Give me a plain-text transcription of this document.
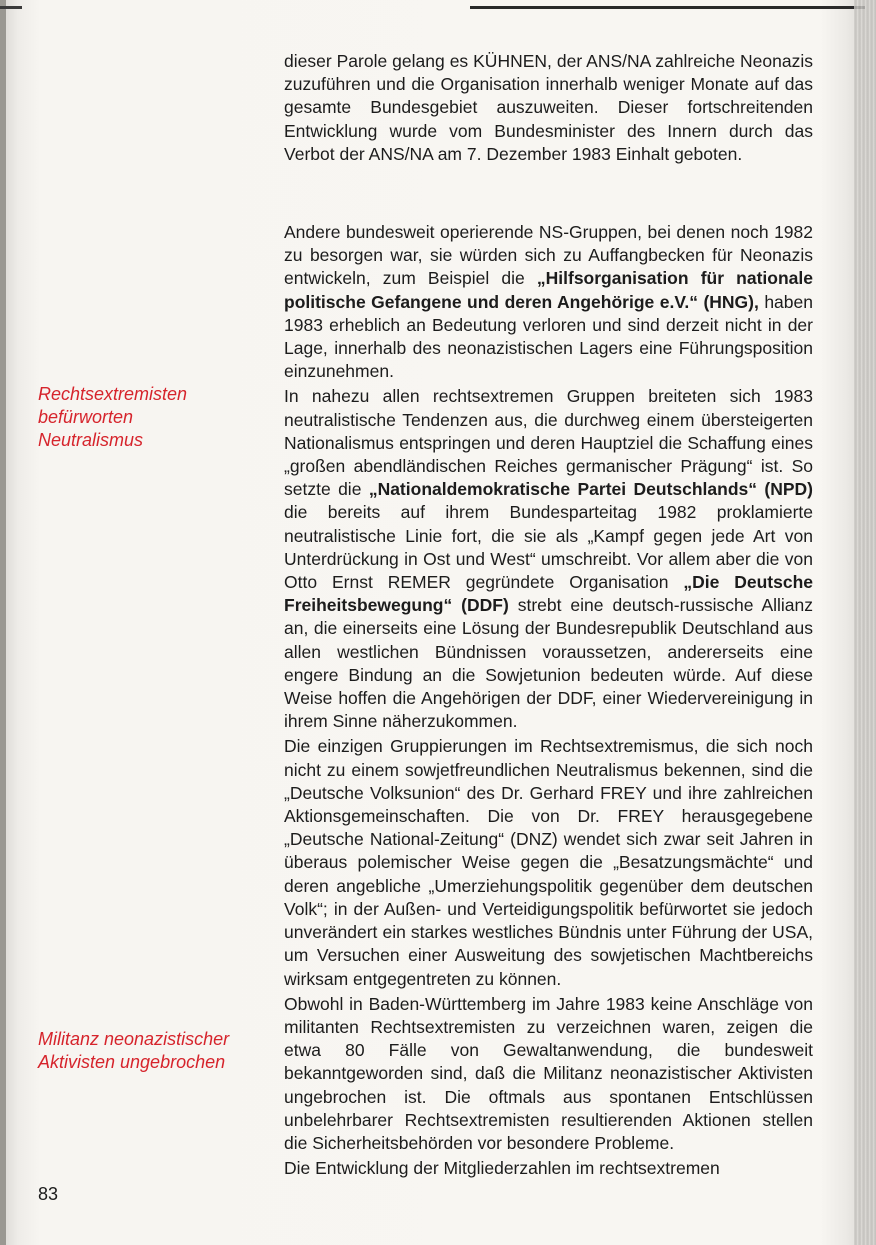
Rechtsextremisten
befürworten
Neutralismus

Militanz neonazistischer
Aktivisten ungebrochen

83

dieser Parole gelang es KÜHNEN, der ANS/NA zahlreiche Neonazis zuzuführen und die Organisation innerhalb weniger Monate auf das gesamte Bundesgebiet auszuweiten. Dieser fortschreitenden Entwicklung wurde vom Bundesminister des Innern durch das Verbot der ANS/NA am 7. Dezember 1983 Einhalt geboten.

Andere bundesweit operierende NS-Gruppen, bei denen noch 1982 zu besorgen war, sie würden sich zu Auffangbecken für Neonazis entwickeln, zum Beispiel die „Hilfsorganisation für nationale politische Gefangene und deren Angehörige e.V.“ (HNG), haben 1983 erheblich an Bedeutung verloren und sind derzeit nicht in der Lage, innerhalb des neonazistischen Lagers eine Führungsposition einzunehmen.

In nahezu allen rechtsextremen Gruppen breiteten sich 1983 neutralistische Tendenzen aus, die durchweg einem übersteigerten Nationalismus entspringen und deren Hauptziel die Schaffung eines „großen abendländischen Reiches germanischer Prägung“ ist. So setzte die „Nationaldemokratische Partei Deutschlands“ (NPD) die bereits auf ihrem Bundesparteitag 1982 proklamierte neutralistische Linie fort, die sie als „Kampf gegen jede Art von Unterdrückung in Ost und West“ umschreibt. Vor allem aber die von Otto Ernst REMER gegründete Organisation „Die Deutsche Freiheitsbewegung“ (DDF) strebt eine deutsch-russische Allianz an, die einerseits eine Lösung der Bundesrepublik Deutschland aus allen westlichen Bündnissen voraussetzen, andererseits eine engere Bindung an die Sowjetunion bedeuten würde. Auf diese Weise hoffen die Angehörigen der DDF, einer Wiedervereinigung in ihrem Sinne näherzukommen.

Die einzigen Gruppierungen im Rechtsextremismus, die sich noch nicht zu einem sowjetfreundlichen Neutralismus bekennen, sind die „Deutsche Volksunion“ des Dr. Gerhard FREY und ihre zahlreichen Aktionsgemeinschaften. Die von Dr. FREY herausgegebene „Deutsche National-Zeitung“ (DNZ) wendet sich zwar seit Jahren in überaus polemischer Weise gegen die „Besatzungsmächte“ und deren angebliche „Umerziehungspolitik gegenüber dem deutschen Volk“; in der Außen- und Verteidigungspolitik befürwortet sie jedoch unverändert ein starkes westliches Bündnis unter Führung der USA, um Versuchen einer Ausweitung des sowjetischen Machtbereichs wirksam entgegentreten zu können.

Obwohl in Baden-Württemberg im Jahre 1983 keine Anschläge von militanten Rechtsextremisten zu verzeichnen waren, zeigen die etwa 80 Fälle von Gewaltanwendung, die bundesweit bekanntgeworden sind, daß die Militanz neonazistischer Aktivisten ungebrochen ist. Die oftmals aus spontanen Entschlüssen unbelehrbarer Rechtsextremisten resultierenden Aktionen stellen die Sicherheitsbehörden vor besondere Probleme.

Die Entwicklung der Mitgliederzahlen im rechtsextremen
